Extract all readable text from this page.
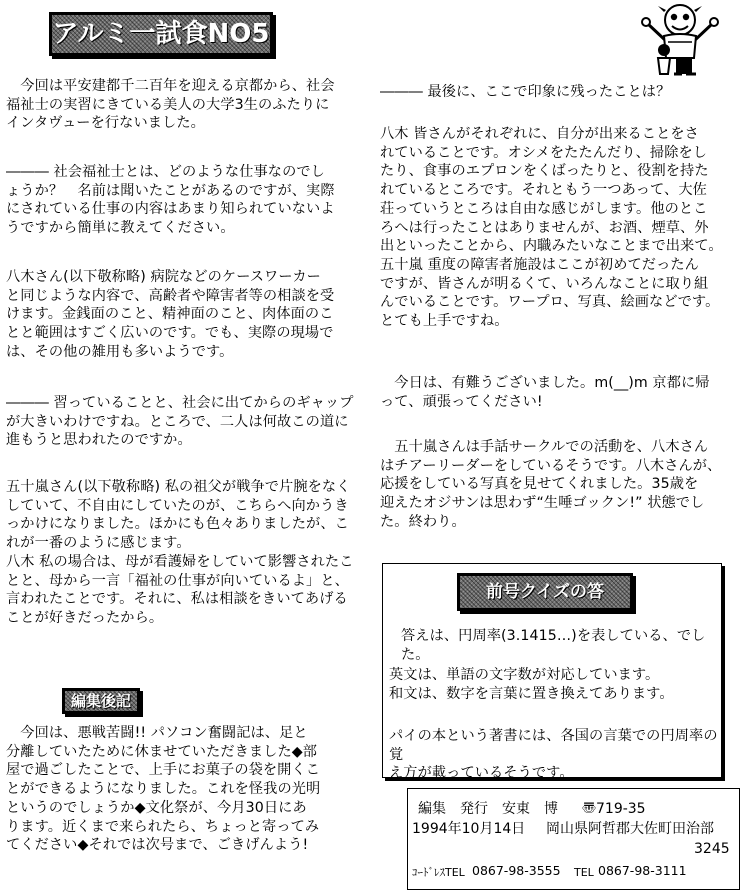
アルミ一試食NO5
　今回は平安建都千二百年を迎える京都から、社会
福祉士の実習にきている美人の大学3生のふたりに
インタヴューを行ないました。
――― 社会福祉士とは、どのような仕事なのでし
ょうか？　名前は聞いたことがあるのですが、実際
にされている仕事の内容はあまり知られていないよ
うですから簡単に教えてください。
八木さん(以下敬称略) 病院などのケースワーカー
と同じような内容で、高齢者や障害者等の相談を受
けます。金銭面のこと、精神面のこと、肉体面のこ
とと範囲はすごく広いのです。でも、実際の現場で
は、その他の雑用も多いようです。
――― 習っていることと、社会に出てからのギャップ
が大きいわけですね。ところで、二人は何故この道に
進もうと思われたのですか。
五十嵐さん(以下敬称略) 私の祖父が戦争で片腕をなく
していて、不自由にしていたのが、こちらへ向かうき
っかけになりました。ほかにも色々ありましたが、こ
れが一番のように感じます。
八木 私の場合は、母が看護婦をしていて影響されたこ
とと、母から一言「福祉の仕事が向いているよ」と、
言われたことです。それに、私は相談をきいてあげる
ことが好きだったから。
編集後記
　今回は、悪戦苦闘!! パソコン奮闘記は、足と
分離していたために休ませていただきました◆部
屋で過ごしたことで、上手にお菓子の袋を開くこ
とができるようになりました。これを怪我の光明
というのでしょうか◆文化祭が、今月30日にあ
ります。近くまで来られたら、ちょっと寄ってみ
てください◆それでは次号まで、ごきげんよう!
――― 最後に、ここで印象に残ったことは？
八木 皆さんがそれぞれに、自分が出来ることをさ
れていることです。オシメをたたんだり、掃除をし
たり、食事のエプロンをくばったりと、役割を持た
れているところです。それともう一つあって、大佐
荘っていうところは自由な感じがします。他のとこ
ろへは行ったことはありませんが、お酒、煙草、外
出といったことから、内職みたいなことまで出来て。
五十嵐 重度の障害者施設はここが初めてだったん
ですが、皆さんが明るくて、いろんなことに取り組
んでいることです。ワープロ、写真、絵画などです。
とても上手ですね。
　今日は、有難うございました。m(__)m 京都に帰
って、頑張ってください!
　五十嵐さんは手話サークルでの活動を、八木さん
はチアーリーダーをしているそうです。八木さんが、
応援をしている写真を見せてくれました。35歳を
迎えたオジサンは思わず“生唾ゴックン!” 状態でし
た。終わり。
前号クイズの答
答えは、円周率(3.1415…)を表している、でした。
英文は、単語の文字数が対応しています。
和文は、数字を言葉に置き換えてあります。
パイの本という著書には、各国の言葉での円周率の覚
え方が載っているそうです。
編集　発行　安東　博 〠719-35
1994年10月14日 岡山県阿哲郡大佐町田治部
3245
ｺｰﾄﾞﾚｽTEL 0867-98-3555 TEL 0867-98-3111
